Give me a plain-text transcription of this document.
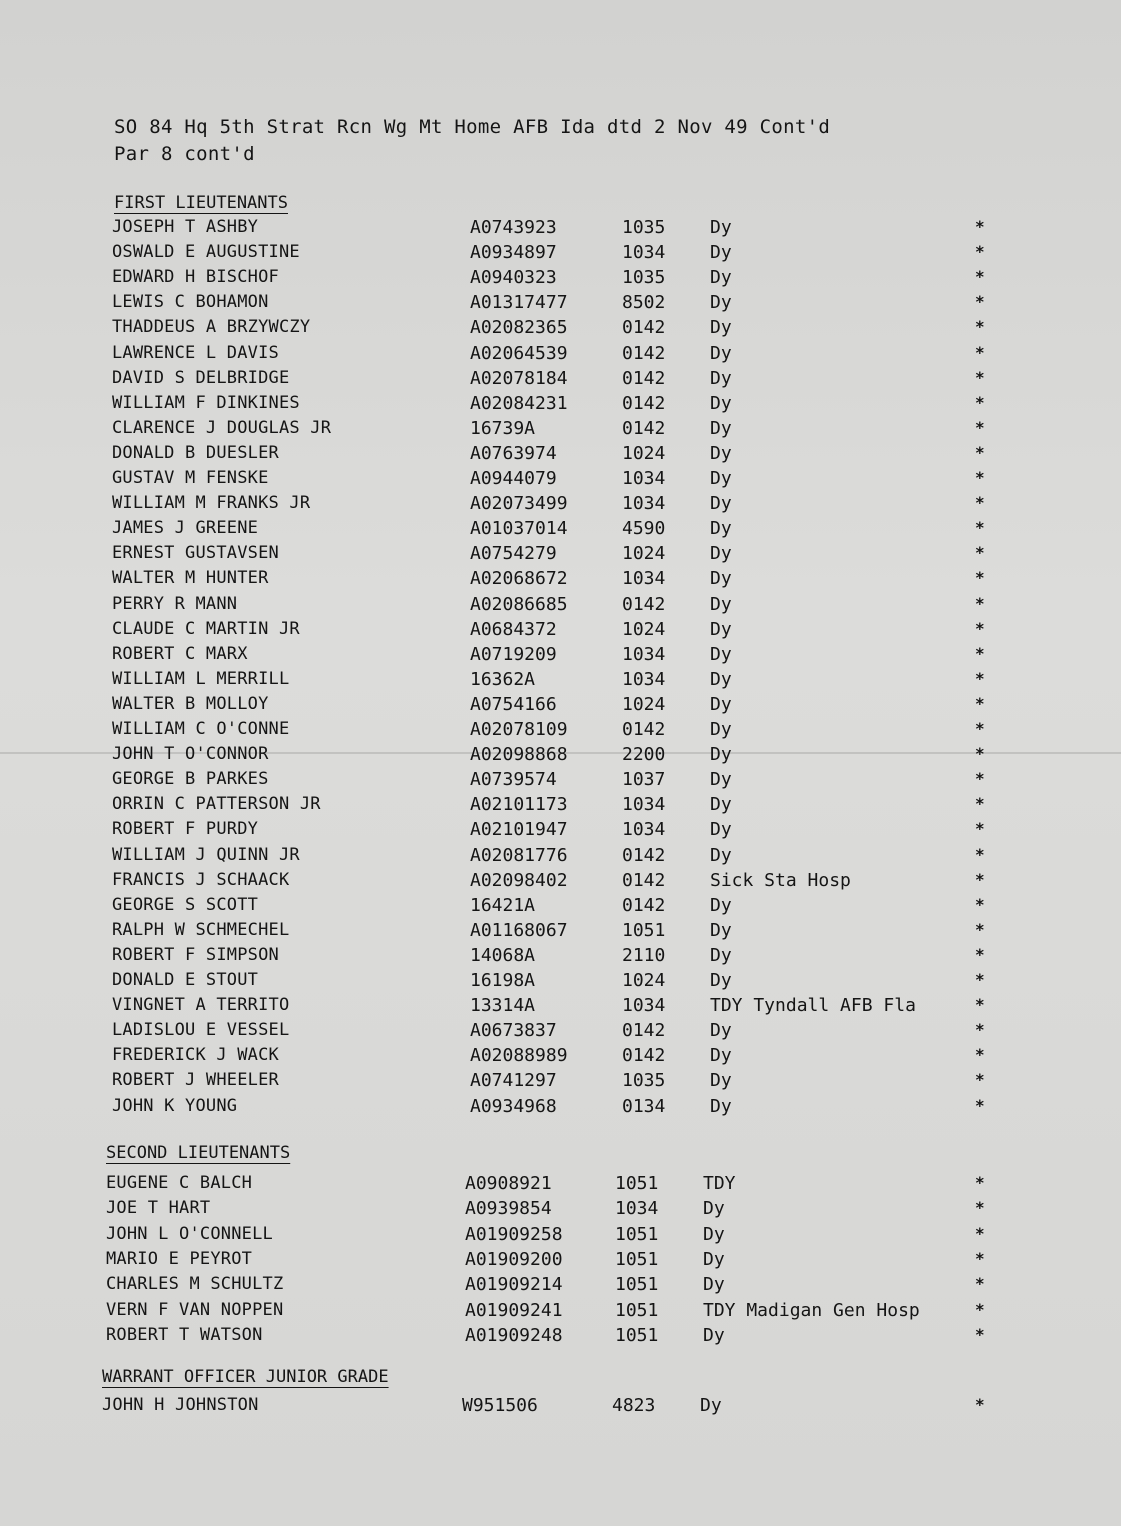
SO 84 Hq 5th Strat Rcn Wg Mt Home AFB Ida dtd 2 Nov 49 Cont'd
Par 8 cont'd
FIRST LIEUTENANTS
JOSEPH T ASHBY	A0743923	1035 Dy	*
OSWALD E AUGUSTINE	A0934897	1034 Dy	*
EDWARD H BISCHOF	A0940323	1035 Dy	*
LEWIS C BOHAMON	A01317477	8502 Dy	*
THADDEUS A BRZYWCZY	A02082365	0142 Dy	*
LAWRENCE L DAVIS	A02064539	0142 Dy	*
DAVID S DELBRIDGE	A02078184	0142 Dy	*
WILLIAM F DINKINES	A02084231	0142 Dy	*
CLARENCE J DOUGLAS JR	16739A	0142 Dy	*
DONALD B DUESLER	A0763974	1024 Dy	*
GUSTAV M FENSKE	A0944079	1034 Dy	*
WILLIAM M FRANKS JR	A02073499	1034 Dy	*
JAMES J GREENE	A01037014	4590 Dy	*
ERNEST GUSTAVSEN	A0754279	1024 Dy	*
WALTER M HUNTER	A02068672	1034 Dy	*
PERRY R MANN	A02086685	0142 Dy	*
CLAUDE C MARTIN JR	A0684372	1024 Dy	*
ROBERT C MARX	A0719209	1034 Dy	*
WILLIAM L MERRILL	16362A	1034 Dy	*
WALTER B MOLLOY	A0754166	1024 Dy	*
WILLIAM C O'CONNE	A02078109	0142 Dy	*
JOHN T O'CONNOR	A02098868	2200 Dy	*
GEORGE B PARKES	A0739574	1037 Dy	*
ORRIN C PATTERSON JR	A02101173	1034 Dy	*
ROBERT F PURDY	A02101947	1034 Dy	*
WILLIAM J QUINN JR	A02081776	0142 Dy	*
FRANCIS J SCHAACK	A02098402	0142 Sick Sta Hosp	*
GEORGE S SCOTT	16421A	0142 Dy	*
RALPH W SCHMECHEL	A01168067	1051 Dy	*
ROBERT F SIMPSON	14068A	2110 Dy	*
DONALD E STOUT	16198A	1024 Dy	*
VINGNET A TERRITO	13314A	1034 TDY Tyndall AFB Fla	*
LADISLOU E VESSEL	A0673837	0142 Dy	*
FREDERICK J WACK	A02088989	0142 Dy	*
ROBERT J WHEELER	A0741297	1035 Dy	*
JOHN K YOUNG	A0934968	0134 Dy	*
SECOND LIEUTENANTS
EUGENE C BALCH	A0908921	1051 TDY	*
JOE T HART	A0939854	1034 Dy	*
JOHN L O'CONNELL	A01909258	1051 Dy	*
MARIO E PEYROT	A01909200	1051 Dy	*
CHARLES M SCHULTZ	A01909214	1051 Dy	*
VERN F VAN NOPPEN	A01909241	1051 TDY Madigan Gen Hosp	*
ROBERT T WATSON	A01909248	1051 Dy	*
WARRANT OFFICER JUNIOR GRADE
JOHN H JOHNSTON	W951506	4823 Dy	*
